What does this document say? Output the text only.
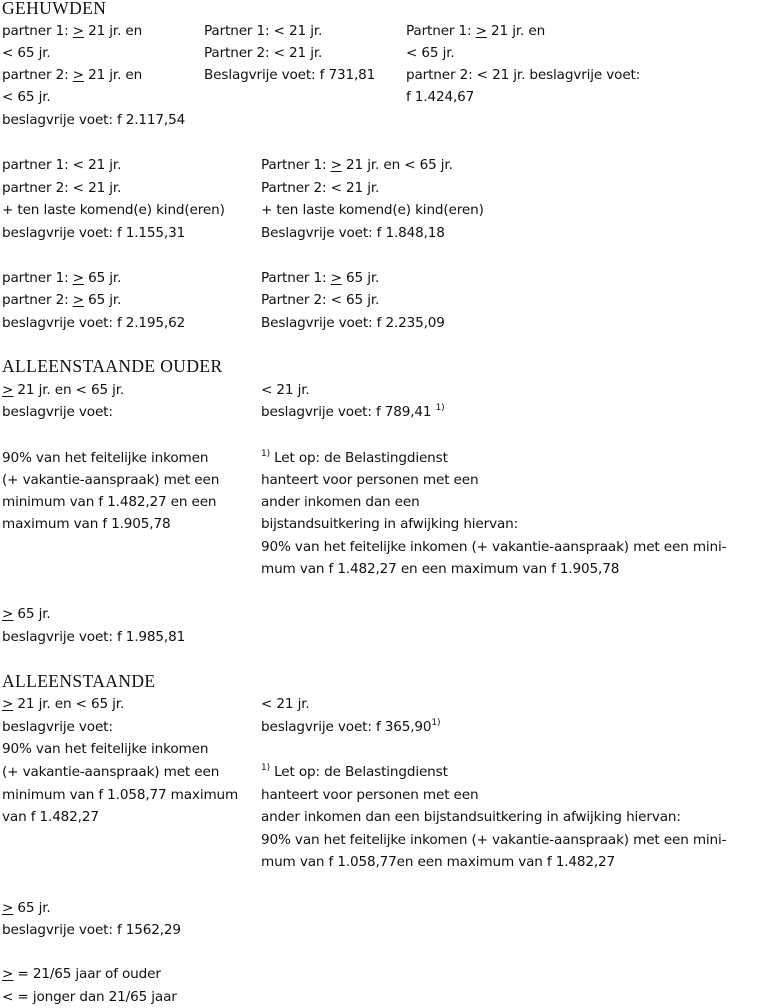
GEHUWDEN
partner 1: > 21 jr. en
< 65 jr.
partner 2: > 21 jr. en
< 65 jr.
beslagvrije voet: f 2.117,54
Partner 1: < 21 jr.
Partner 2: < 21 jr.
Beslagvrije voet: f 731,81
Partner 1: > 21 jr. en
< 65 jr.
partner 2: < 21 jr. beslagvrije voet:
f 1.424,67
partner 1: < 21 jr.
partner 2: < 21 jr.
+ ten laste komend(e) kind(eren)
beslagvrije voet: f 1.155,31
Partner 1: > 21 jr. en < 65 jr.
Partner 2: < 21 jr.
+ ten laste komend(e) kind(eren)
Beslagvrije voet: f 1.848,18
partner 1: > 65 jr.
partner 2: > 65 jr.
beslagvrije voet: f 2.195,62
Partner 1: > 65 jr.
Partner 2: < 65 jr.
Beslagvrije voet: f 2.235,09
ALLEENSTAANDE OUDER
≥ 21 jr. en < 65 jr.
beslagvrije voet:
90% van het feitelijke inkomen
(+ vakantie-aanspraak) met een
minimum van f 1.482,27 en een
maximum van f 1.905,78
< 21 jr.
beslagvrije voet: f 789,41 $^{1)}$
$^{1)}$ Let op: de Belastingdienst
hanteert voor personen met een
ander inkomen dan een
bijstandsuitkering in afwijking hiervan:
90% van het feitelijke inkomen (+ vakantie-aanspraak) met een mini-
mum van f 1.482,27 en een maximum van f 1.905,78
≥ 65 jr.
beslagvrije voet: f 1.985,81
ALLEENSTAANDE
≥ 21 jr. en < 65 jr.
beslagvrije voet:
90% van het feitelijke inkomen
(+ vakantie-aanspraak) met een
minimum van f 1.058,77 maximum
van f 1.482,27
< 21 jr.
beslagvrije voet: f 365,90$^{1)}$
$^{1)}$ Let op: de Belastingdienst
hanteert voor personen met een
ander inkomen dan een bijstandsuitkering in afwijking hiervan:
90% van het feitelijke inkomen (+ vakantie-aanspraak) met een mini-
mum van f 1.058,77en een maximum van f 1.482,27
≥ 65 jr.
beslagvrije voet: f 1562,29
> = 21/65 jaar of ouder
< = jonger dan 21/65 jaar
